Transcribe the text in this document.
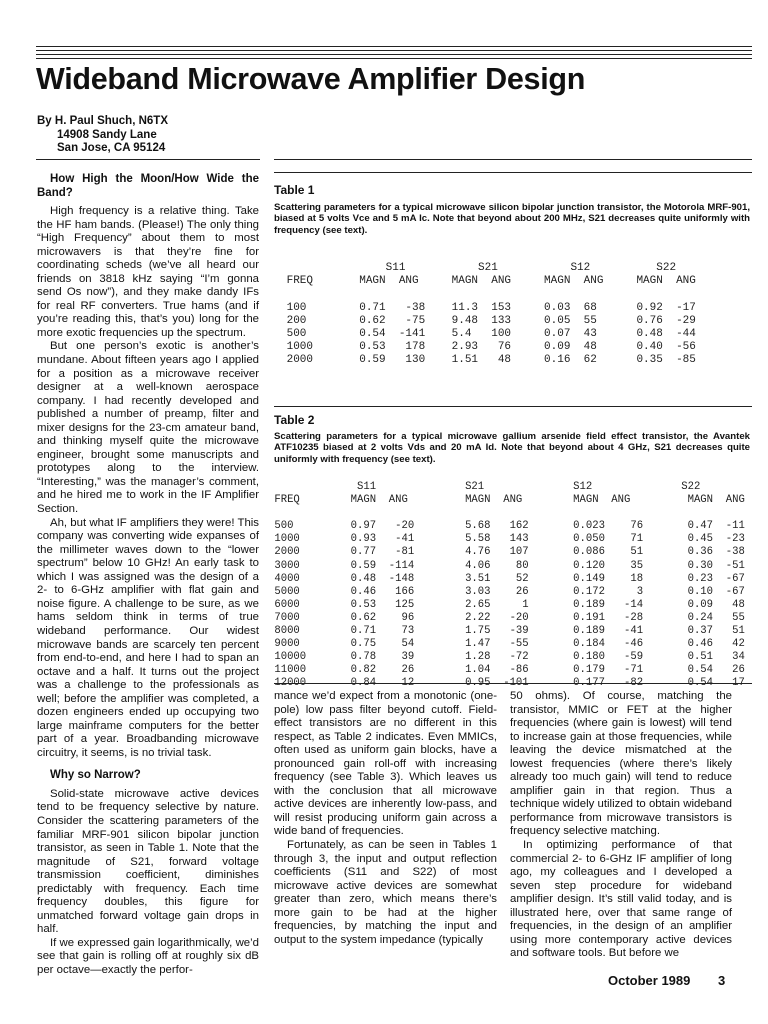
Wideband Microwave Amplifier Design
By H. Paul Shuch, N6TX
14908 Sandy Lane
San Jose, CA 95124

How High the Moon/How Wide the Band?

High frequency is a relative thing. Take the HF ham bands. (Please!) The only thing “High Frequency” about them to most microwavers is that they’re fine for coordinating scheds (we’ve all heard our friends on 3818 kHz saying “I’m gonna send Os now”), and they make dandy IFs for real RF converters. True hams (and if you’re reading this, that’s you) long for the more exotic frequencies up the spectrum.

But one person’s exotic is another’s mundane. About fifteen years ago I applied for a position as a microwave receiver designer at a well-known aerospace company. I had recently developed and published a number of preamp, filter and mixer designs for the 23-cm amateur band, and thinking myself quite the microwave engineer, brought some manuscripts and prototypes along to the interview. “Interesting,” was the manager’s comment, and he hired me to work in the IF Amplifier Section.

Ah, but what IF amplifiers they were! This company was converting wide expanses of the millimeter waves down to the “lower spectrum” below 10 GHz! An early task to which I was assigned was the design of a 2- to 6-GHz amplifier with flat gain and noise figure. A challenge to be sure, as we hams seldom think in terms of true wideband performance. Our widest microwave bands are scarcely ten percent from end-to-end, and here I had to span an octave and a half. It turns out the project was a challenge to the professionals as well; before the amplifier was completed, a dozen engineers ended up occupying two large mainframe computers for the better part of a year. Broadbanding microwave circuitry, it seems, is no trivial task.

Why so Narrow?

Solid-state microwave active devices tend to be frequency selective by nature. Consider the scattering parameters of the familiar MRF-901 silicon bipolar junction transistor, as seen in Table 1. Note that the magnitude of S21, forward voltage transmission coefficient, diminishes predictably with frequency. Each time frequency doubles, this figure for unmatched forward voltage gain drops in half.

If we expressed gain logarithmically, we’d see that gain is rolling off at roughly six dB per octave—exactly the perfor-

Table 1
Scattering parameters for a typical microwave silicon bipolar junction transistor, the Motorola MRF-901, biased at 5 volts Vce and 5 mA Ic. Note that beyond about 200 MHz, S21 decreases quite uniformly with frequency (see text).
S11           S21           S12          S22
FREQ       MAGN  ANG     MAGN  ANG     MAGN  ANG     MAGN  ANG

100        0.71   -38    11.3  153     0.03  68      0.92  -17
200        0.62   -75    9.48  133     0.05  55      0.76  -29
500        0.54  -141    5.4   100     0.07  43      0.48  -44
1000       0.53   178    2.93   76     0.09  48      0.40  -56
2000       0.59   130    1.51   48     0.16  62      0.35  -85
Table 2
Scattering parameters for a typical microwave gallium arsenide field effect transistor, the Avantek ATF10235 biased at 2 volts Vds and 20 mA Id. Note that beyond about 4 GHz, S21 decreases quite uniformly with frequency (see text).
S11              S21              S12              S22
FREQ        MAGN  ANG         MAGN  ANG        MAGN  ANG         MAGN  ANG

500         0.97   -20        5.68   162       0.023    76       0.47  -11
1000        0.93   -41        5.58   143       0.050    71       0.45  -23
2000        0.77   -81        4.76   107       0.086    51       0.36  -38
3000        0.59  -114        4.06    80       0.120    35       0.30  -51
4000        0.48  -148        3.51    52       0.149    18       0.23  -67
5000        0.46   166        3.03    26       0.172     3       0.10  -67
6000        0.53   125        2.65     1       0.189   -14       0.09   48
7000        0.62    96        2.22   -20       0.191   -28       0.24   55
8000        0.71    73        1.75   -39       0.189   -41       0.37   51
9000        0.75    54        1.47   -55       0.184   -46       0.46   42
10000       0.78    39        1.28   -72       0.180   -59       0.51   34
11000       0.82    26        1.04   -86       0.179   -71       0.54   26
12000       0.84    12        0.95  -101       0.177   -82       0.54   17

mance we’d expect from a monotonic (one-pole) low pass filter beyond cutoff. Field-effect transistors are no different in this respect, as Table 2 indicates. Even MMICs, often used as uniform gain blocks, have a pronounced gain roll-off with increasing frequency (see Table 3). Which leaves us with the conclusion that all microwave active devices are inherently low-pass, and will resist producing uniform gain across a wide band of frequencies.

Fortunately, as can be seen in Tables 1 through 3, the input and output reflection coefficients (S11 and S22) of most microwave active devices are somewhat greater than zero, which means there’s more gain to be had at the higher frequencies, by matching the input and output to the system impedance (typically

50 ohms). Of course, matching the transistor, MMIC or FET at the higher frequencies (where gain is lowest) will tend to increase gain at those frequencies, while leaving the device mismatched at the lowest frequencies (where there’s likely already too much gain) will tend to reduce amplifier gain in that region. Thus a technique widely utilized to obtain wideband performance from microwave transistors is frequency selective matching.

In optimizing performance of that commercial 2- to 6-GHz IF amplifier of long ago, my colleagues and I developed a seven step procedure for wideband amplifier design. It’s still valid today, and is illustrated here, over that same range of frequencies, in the design of an amplifier using more contemporary active devices and software tools. But before we

October 1989 3
